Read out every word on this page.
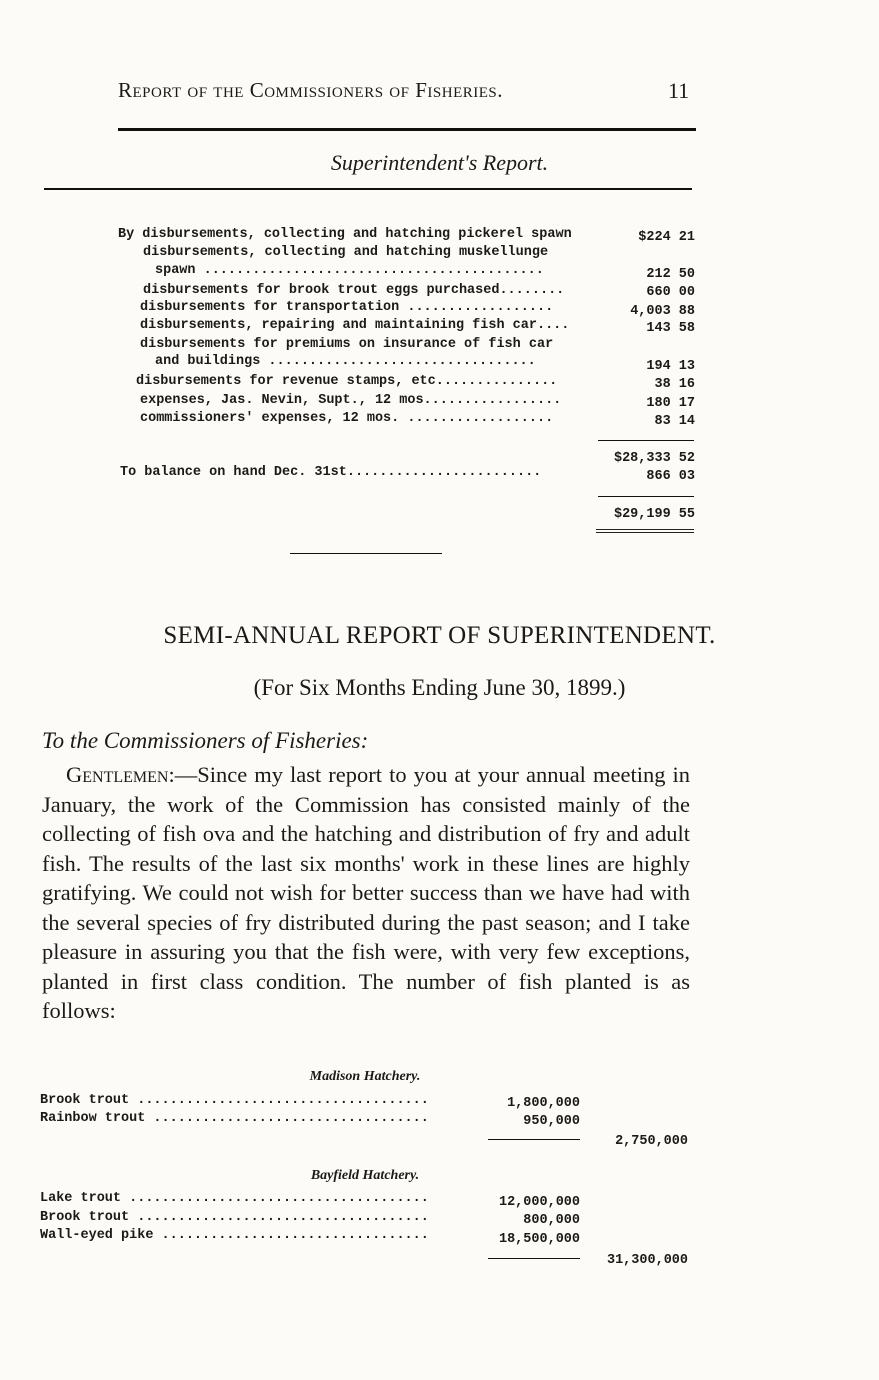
Report of the Commissioners of Fisheries.	11
Superintendent's Report.
By disbursements, collecting and hatching pickerel spawn	$224 21
disbursements, collecting and hatching muskellunge
spawn ..........................................	212 50
disbursements for brook trout eggs purchased........	660 00
disbursements for transportation ..................	4,003 88
disbursements, repairing and maintaining fish car....	143 58
disbursements for premiums on insurance of fish car
and buildings .................................	194 13
disbursements for revenue stamps, etc...............	38 16
expenses, Jas. Nevin, Supt., 12 mos.................	180 17
commissioners' expenses, 12 mos. ..................	83 14
$28,333 52
To balance on hand Dec. 31st........................	866 03
$29,199 55
SEMI-ANNUAL REPORT OF SUPERINTENDENT.
(For Six Months Ending June 30, 1899.)
To the Commissioners of Fisheries:
Gentlemen:—Since my last report to you at your annual meeting in January, the work of the Commission has consisted mainly of the collecting of fish ova and the hatching and distribution of fry and adult fish. The results of the last six months' work in these lines are highly gratifying. We could not wish for better success than we have had with the several species of fry distributed during the past season; and I take pleasure in assuring you that the fish were, with very few exceptions, planted in first class condition. The number of fish planted is as follows:
Madison Hatchery.
Brook trout ....................................	1,800,000
Rainbow trout ..................................	950,000
2,750,000
Bayfield Hatchery.
Lake trout .....................................	12,000,000
Brook trout ....................................	800,000
Wall-eyed pike .................................	18,500,000
31,300,000
